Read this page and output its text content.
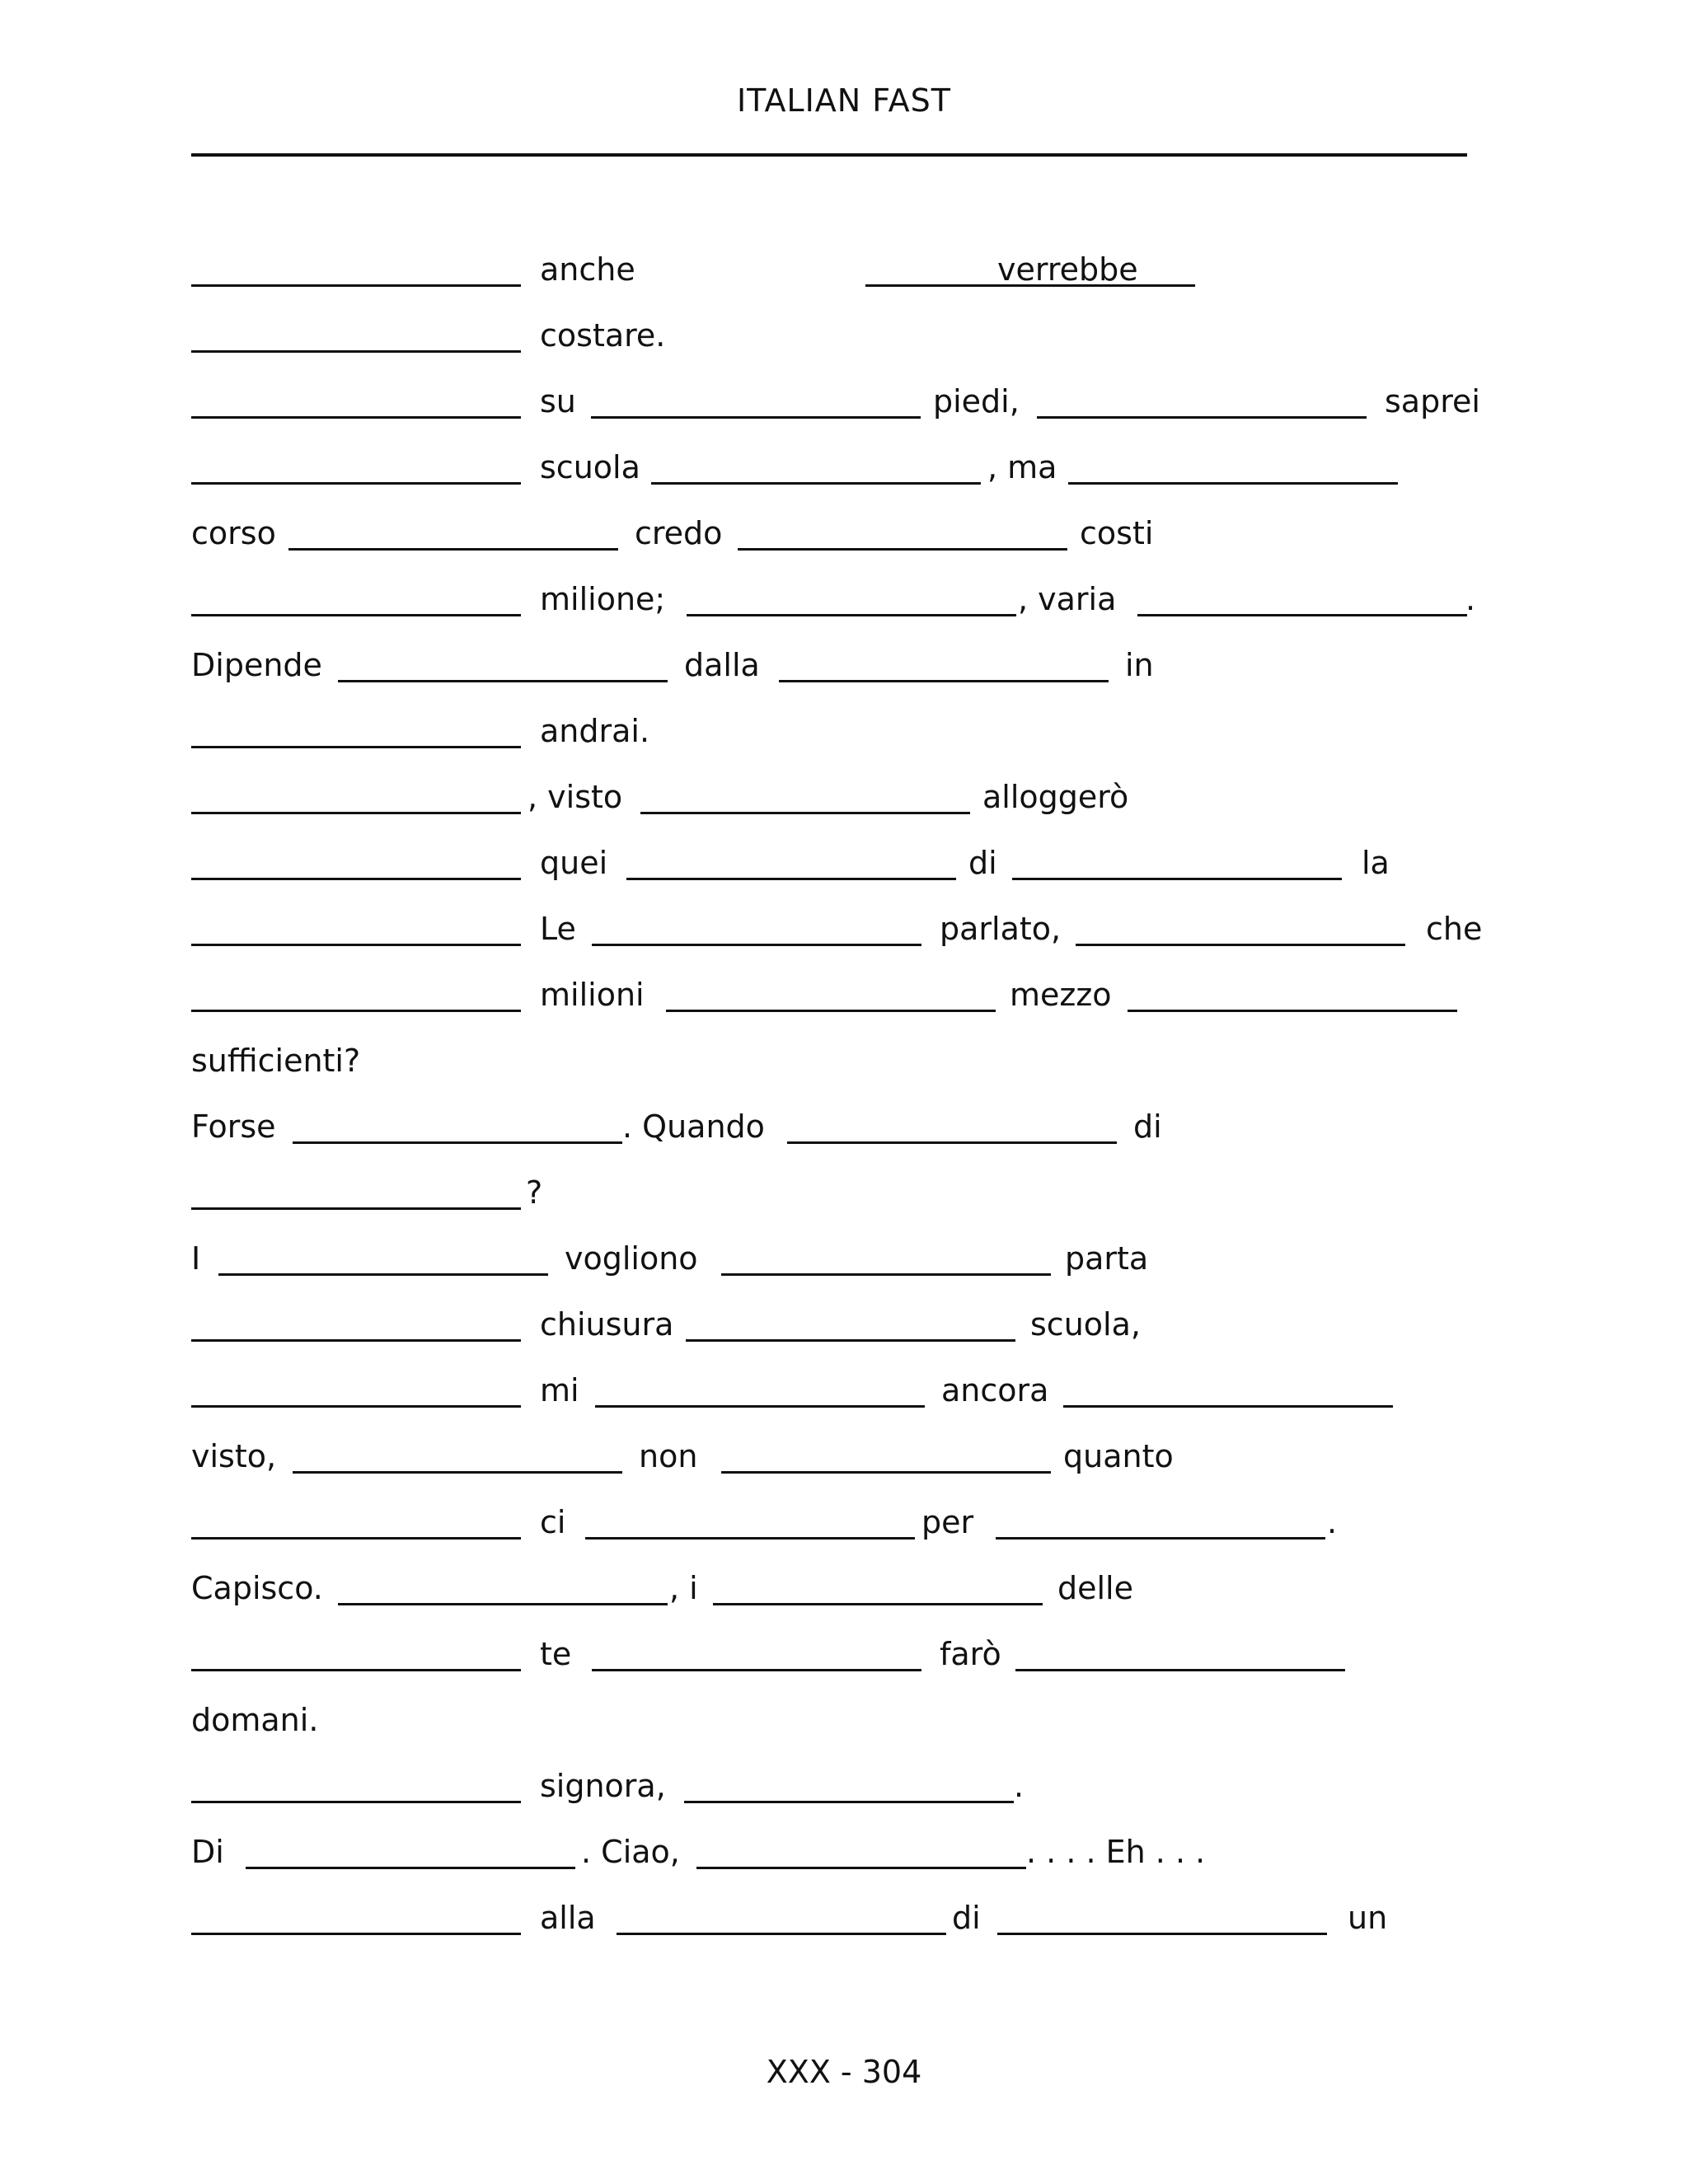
ITALIAN FAST
anche	verrebbe
costare.
su	piedi,	saprei
scuola	, ma
corso	credo	costi
milione;	, varia	.
Dipende	dalla	in
andrai.
, visto	alloggerò
quei	di	la
Le	parlato,	che
milioni	mezzo
sufficienti?
Forse	. Quando	di
?
I	vogliono	parta
chiusura	scuola,
mi	ancora
visto,	non	quanto
ci	per	.
Capisco.	, i	delle
te	farò
domani.
signora,	.
Di	. Ciao,	. . . . Eh . . .
alla	di	un
XXX - 304
